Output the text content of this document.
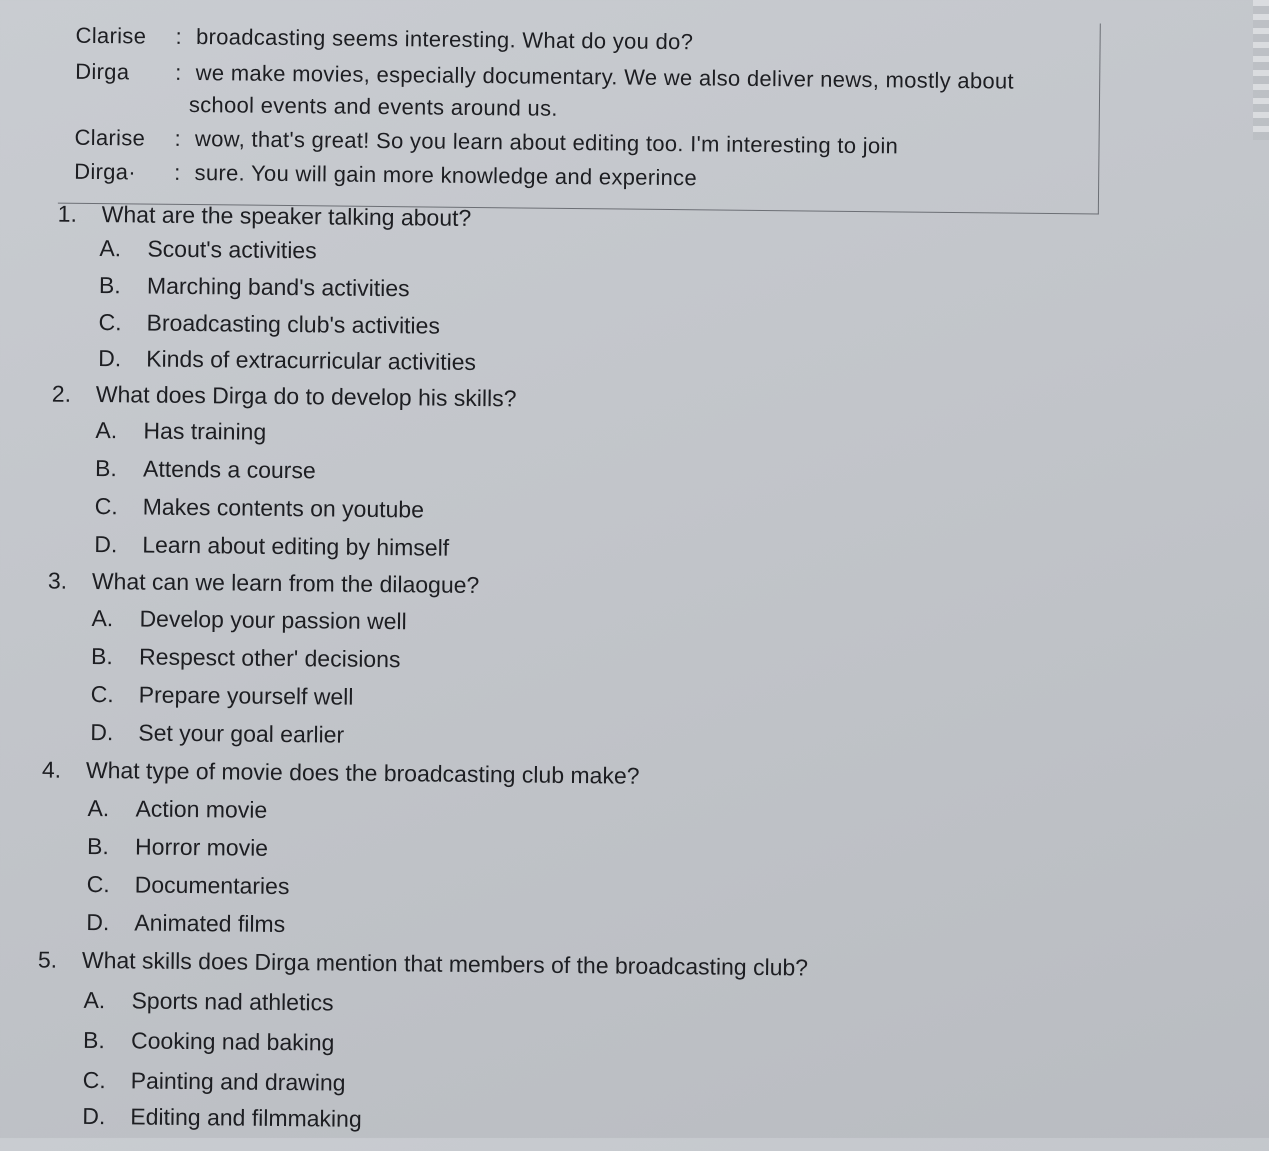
Clarise : broadcasting seems interesting. What do you do?
Dirga : we make movies, especially documentary. We we also deliver news, mostly about
school events and events around us.
Clarise : wow, that's great! So you learn about editing too. I'm interesting to join
Dirga· : sure. You will gain more knowledge and experince
1. What are the speaker talking about?
A. Scout's activities
B. Marching band's activities
C. Broadcasting club's activities
D. Kinds of extracurricular activities
2. What does Dirga do to develop his skills?
A. Has training
B. Attends a course
C. Makes contents on youtube
D. Learn about editing by himself
3. What can we learn from the dilaogue?
A. Develop your passion well
B. Respesct other' decisions
C. Prepare yourself well
D. Set your goal earlier
4. What type of movie does the broadcasting club make?
A. Action movie
B. Horror movie
C. Documentaries
D. Animated films
5. What skills does Dirga mention that members of the broadcasting club?
A. Sports nad athletics
B. Cooking nad baking
C. Painting and drawing
D. Editing and filmmaking
